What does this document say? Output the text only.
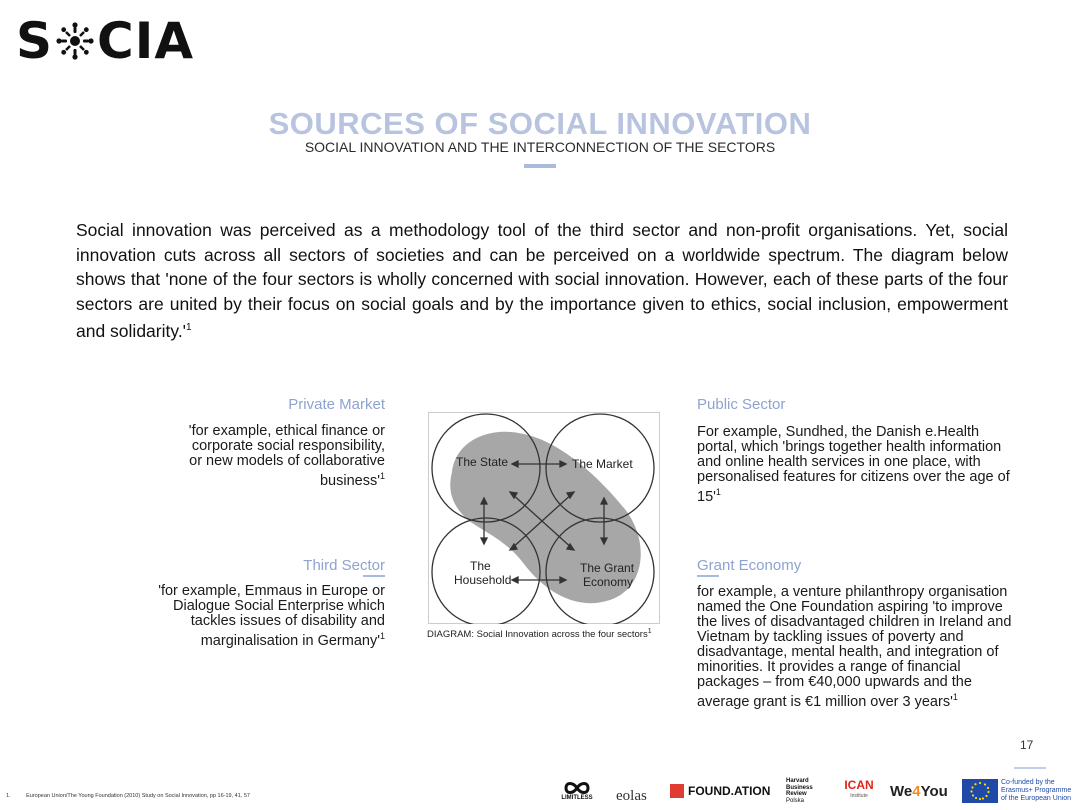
S CIA
SOURCES OF SOCIAL INNOVATION
SOCIAL INNOVATION AND THE INTERCONNECTION OF THE SECTORS
Social innovation was perceived as a methodology tool of the third sector and non-profit organisations. Yet, social innovation cuts across all sectors of societies and can be perceived on a worldwide spectrum. The diagram below shows that 'none of the four sectors is wholly concerned with social innovation. However, each of these parts of the four sectors are united by their focus on social goals and by the importance given to ethics, social inclusion, empowerment and $solidarity.'^1$
Private Market
'for example, ethical finance or corporate social responsibility, or new models of collaborative $business'^1$
Public Sector
For example, Sundhed, the Danish e.Health portal, which 'brings together health information and online health services in one place, with personalised features for citizens over the age of $15'^1$
Third Sector
'for example, Emmaus in Europe or Dialogue Social Enterprise which tackles issues of disability and marginalisation in $Germany'^1$
Grant Economy
for example, a venture philanthropy organisation named the One Foundation aspiring 'to improve the lives of disadvantaged children in Ireland and Vietnam by tackling issues of poverty and disadvantage, mental health, and integration of minorities. It provides a range of financial packages – from €40,000 upwards and the average grant is €1 million over 3 $years'^1$
The State	The Market
The
Household
The Grant
Economy
DIAGRAM: Social Innovation across the four sectors$^1$
17
1.	European Union/The Young Foundation (2010) Study on Social Innovation, pp 16-19, 41, 57	LIMITLESS eolas	FOUND.ATION
Harvard
Business
Review
Polska
ICAN
Institute We 4 You	Co-funded by the
Erasmus+ Programme
of the European Union
